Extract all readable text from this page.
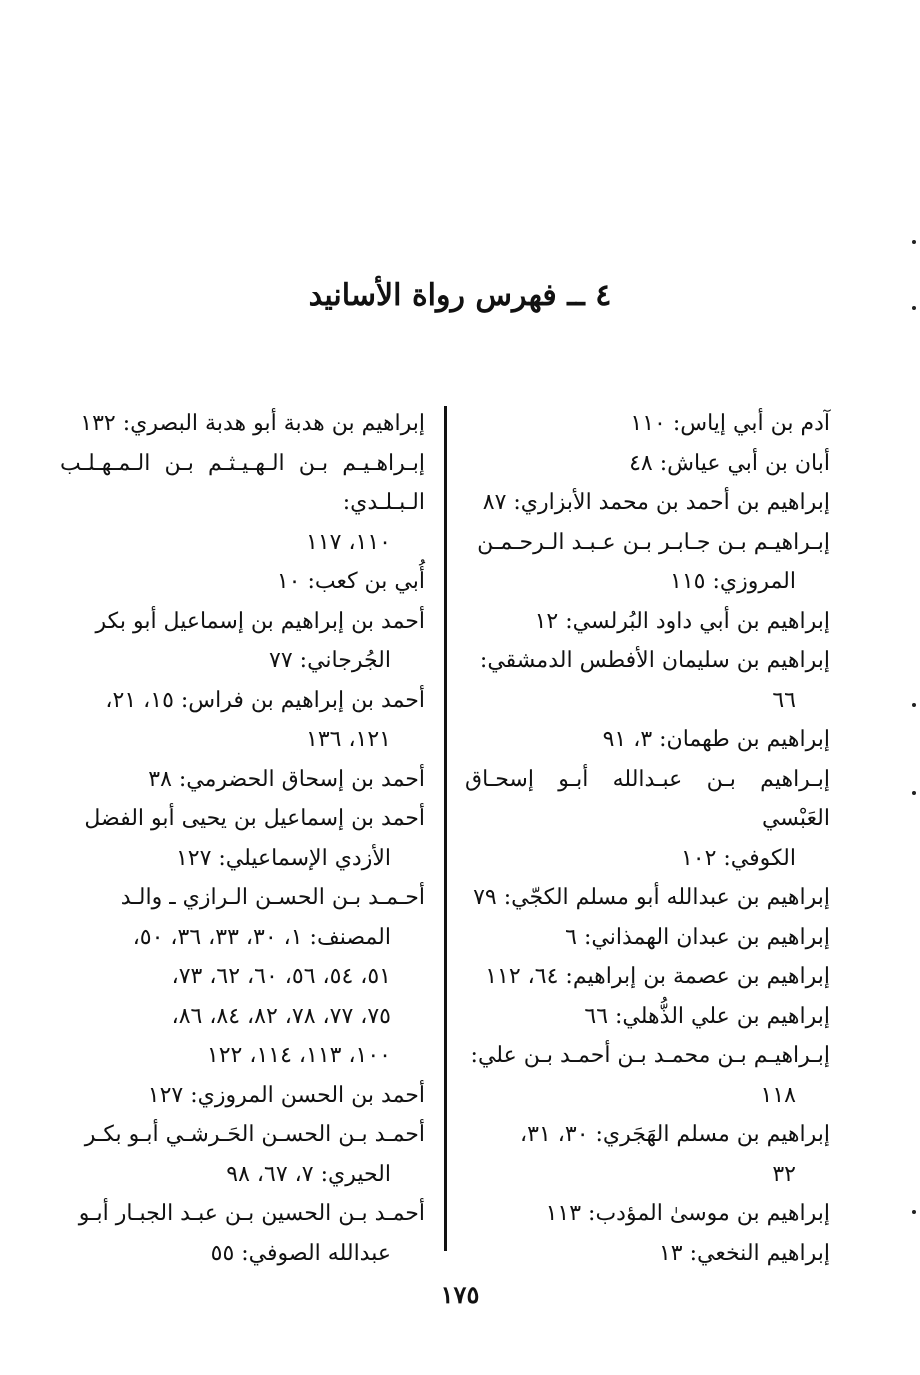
٤ ــ فهرس رواة الأسانيد
آدم بن أبي إياس: ١١٠
أبان بن أبي عياش: ٤٨
إبراهيم بن أحمد بن محمد الأبزاري: ٨٧
إبـراهيـم بـن جـابـر بـن عـبـد الـرحـمـن
المروزي: ١١٥
إبراهيم بن أبي داود البُرلسي: ١٢
إبراهيم بن سليمان الأفطس الدمشقي:
٦٦
إبراهيم بن طهمان: ٣، ٩١
إبـراهيم بـن عبـدالله أبـو إسحـاق العَبْسي
الكوفي: ١٠٢
إبراهيم بن عبدالله أبو مسلم الكجّي: ٧٩
إبراهيم بن عبدان الهمذاني: ٦
إبراهيم بن عصمة بن إبراهيم: ٦٤، ١١٢
إبراهيم بن علي الذُّهلي: ٦٦
إبـراهيـم بـن محمـد بـن أحمـد بـن علي:
١١٨
إبراهيم بن مسلم الهَجَري: ٣٠، ٣١،
٣٢
إبراهيم بن موسىٰ المؤدب: ١١٣
إبراهيم النخعي: ١٣
إبراهيم بن هدبة أبو هدبة البصري: ١٣٢
إبـراهـيـم بـن الـهـيـثـم بـن الـمـهـلـب الـبـلـدي:
١١٠، ١١٧
أُبي بن كعب: ١٠
أحمد بن إبراهيم بن إسماعيل أبو بكر
الجُرجاني: ٧٧
أحمد بن إبراهيم بن فراس: ١٥، ٢١،
١٢١، ١٣٦
أحمد بن إسحاق الحضرمي: ٣٨
أحمد بن إسماعيل بن يحيى أبو الفضل
الأزدي الإسماعيلي: ١٢٧
أحـمـد بـن الحسـن الـرازي ـ والـد
المصنف: ١، ٣٠، ٣٣، ٣٦، ٥٠،
٥١، ٥٤، ٥٦، ٦٠، ٦٢، ٧٣،
٧٥، ٧٧، ٧٨، ٨٢، ٨٤، ٨٦،
١٠٠، ١١٣، ١١٤، ١٢٢
أحمد بن الحسن المروزي: ١٢٧
أحمـد بـن الحسـن الحَـرشـي أبـو بكـر
الحيري: ٧، ٦٧، ٩٨
أحمـد بـن الحسين بـن عبـد الجبـار أبـو
عبدالله الصوفي: ٥٥
١٧٥
